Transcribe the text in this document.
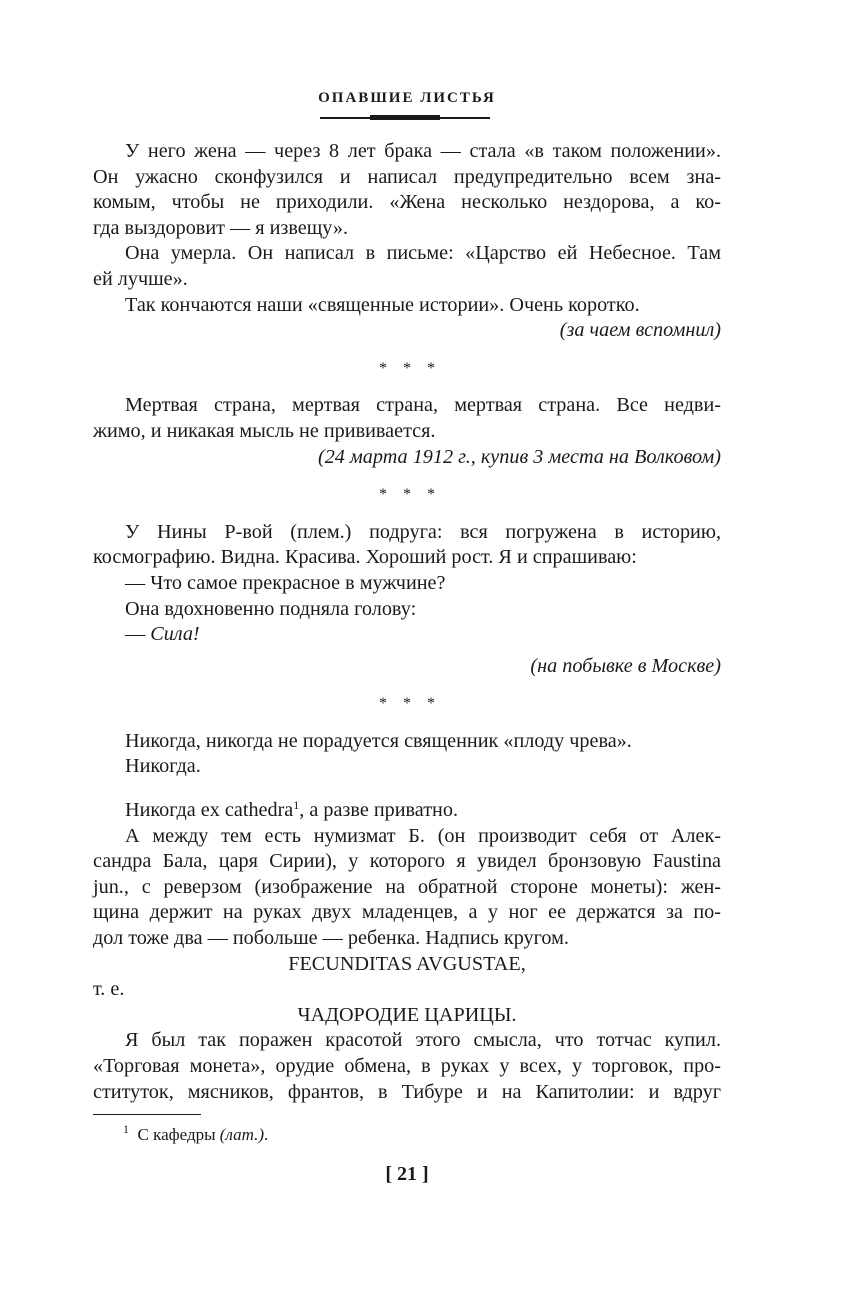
ОПАВШИЕ ЛИСТЬЯ
У него жена — через 8 лет брака — стала «в таком положении».
Он ужасно сконфузился и написал предупредительно всем зна-
комым, чтобы не приходили. «Жена несколько нездорова, а ко-
гда выздоровит — я извещу».
Она умерла. Он написал в письме: «Царство ей Небесное. Там
ей лучше».
Так кончаются наши «священные истории». Очень коротко.

(за чаем вспомнил)

* * *

Мертвая страна, мертвая страна, мертвая страна. Все недви-
жимо, и никакая мысль не прививается.

(24 марта 1912 г., купив 3 места на Волковом)

* * *

У Нины Р-вой (плем.) подруга: вся погружена в историю,
космографию. Видна. Красива. Хороший рост. Я и спрашиваю:
— Что самое прекрасное в мужчине?
Она вдохновенно подняла голову:
— Сила!

(на побывке в Москве)

* * *

Никогда, никогда не порадуется священник «плоду чрева».
Никогда.
Никогда ex cathedra$^1$, а разве приватно.
А между тем есть нумизмат Б. (он производит себя от Алек-
сандра Бала, царя Сирии), у которого я увидел бронзовую Faustina
jun., с реверзом (изображение на обратной стороне монеты): жен-
щина держит на руках двух младенцев, а у ног ее держатся за по-
дол тоже два — побольше — ребенка. Надпись кругом.

FECUNDITAS AVGUSTAE,

т. е.

ЧАДОРОДИЕ ЦАРИЦЫ.

Я был так поражен красотой этого смысла, что тотчас купил.
«Торговая монета», орудие обмена, в руках у всех, у торговок, про-
ституток, мясников, франтов, в Тибуре и на Капитолии: и вдруг
$^1$ С кафедры (лат.).
[ 21 ]
